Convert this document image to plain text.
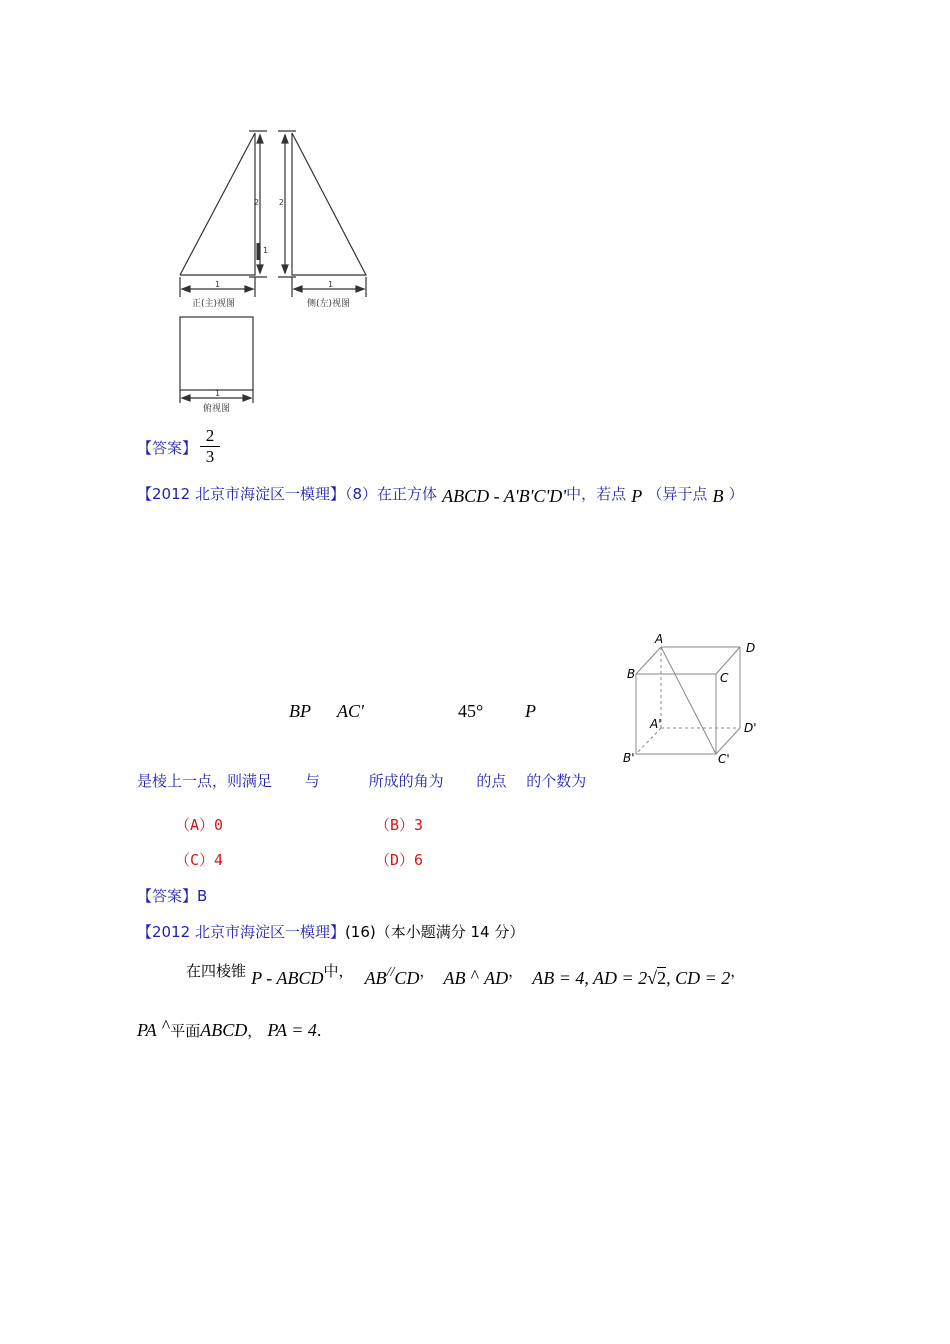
2 2
1
1	1
1
正(主)视图	侧(左)视图
俯视图
【答案】 $\frac{2}{3}$
【2012 北京市海淀区一模理】（8）在正方体 ABCD - A'B'C'D'中，若点 P （异于点 B ）
BP AC'	45° P
是棱上一点，则满足 与	所成的角为 的点 的个数为
A
D
B	C
A'	D'
B'	C'
（A）0	（B）3
（C）4	（D）6
【答案】B
【2012 北京市海淀区一模理】(16)（本小题满分 14 分）
在四棱锥 P - ABCD中， AB//CD， AB ^ AD， AB = 4, AD = 2√2, CD = 2，
PA ^平面ABCD， PA = 4.
